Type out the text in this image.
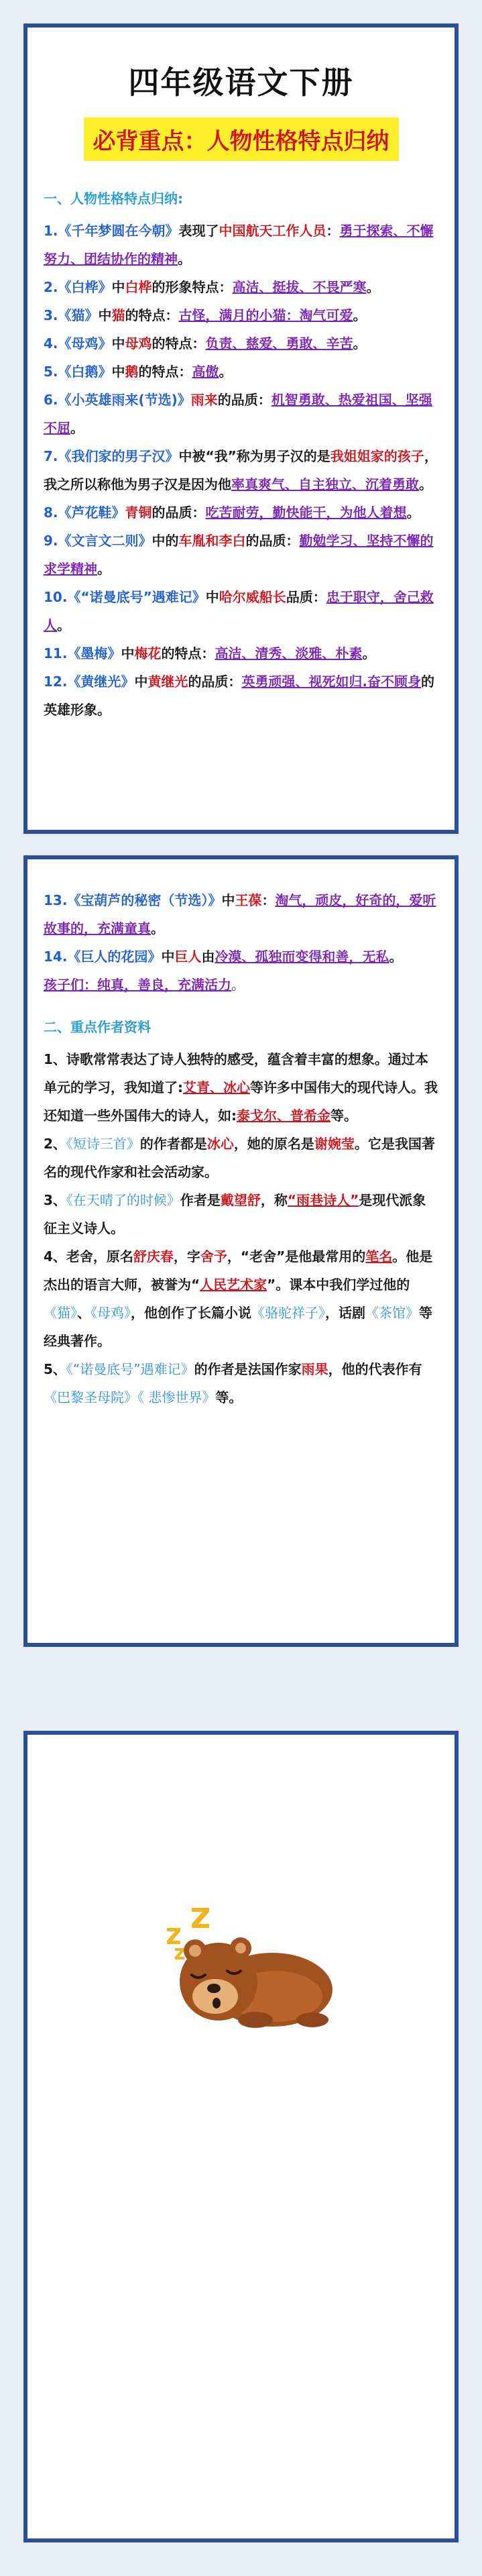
四年级语文下册
必背重点：人物性格特点归纳
一、人物性格特点归纳:

1.《千年梦圆在今朝》表现了中国航天工作人员：勇于探索、不懈努力、团结协作的精神。

2.《白桦》中白桦的形象特点：高洁、挺拔、不畏严寒。

3.《猫》中猫的特点：古怪，满月的小猫：淘气可爱。

4.《母鸡》中母鸡的特点：负责、慈爱、勇敢、辛苦。

5.《白鹅》中鹅的特点：高傲。

6.《小英雄雨来(节选)》雨来的品质：机智勇敢、热爱祖国、坚强不屈。

7.《我们家的男子汉》中被“我”称为男子汉的是我姐姐家的孩子，我之所以称他为男子汉是因为他率真爽气、自主独立、沉着勇敢。

8.《芦花鞋》青铜的品质：吃苦耐劳，勤快能干，为他人着想。

9.《文言文二则》中的车胤和李白的品质：勤勉学习、坚持不懈的求学精神。

10.《“诺曼底号”遇难记》中哈尔威船长品质：忠于职守，舍己救人。

11.《墨梅》中梅花的特点：高洁、清秀、淡雅、朴素。

12.《黄继光》中黄继光的品质：英勇顽强、视死如归.奋不顾身的英雄形象。

13.《宝葫芦的秘密（节选）》中王葆：淘气，顽皮，好奇的，爱听故事的，充满童真。

14.《巨人的花园》中巨人由冷漠、孤独而变得和善，无私。

孩子们：纯真，善良，充满活力。

二、重点作者资料

1、诗歌常常表达了诗人独特的感受，蕴含着丰富的想象。通过本单元的学习，我知道了:艾青、冰心等许多中国伟大的现代诗人。我还知道一些外国伟大的诗人，如:泰戈尔、普希金等。

2、《短诗三首》的作者都是冰心，她的原名是谢婉莹。它是我国著名的现代作家和社会活动家。

3、《在天晴了的时候》作者是戴望舒，称“雨巷诗人”是现代派象征主义诗人。

4、老舍，原名舒庆春，字舍予，“老舍”是他最常用的笔名。他是杰出的语言大师，被誉为“人民艺术家”。课本中我们学过他的《猫》、《母鸡》，他创作了长篇小说《骆驼祥子》，话剧《茶馆》等经典著作。

5、《“诺曼底号”遇难记》的作者是法国作家雨果，他的代表作有《巴黎圣母院》《 悲惨世界》等。
